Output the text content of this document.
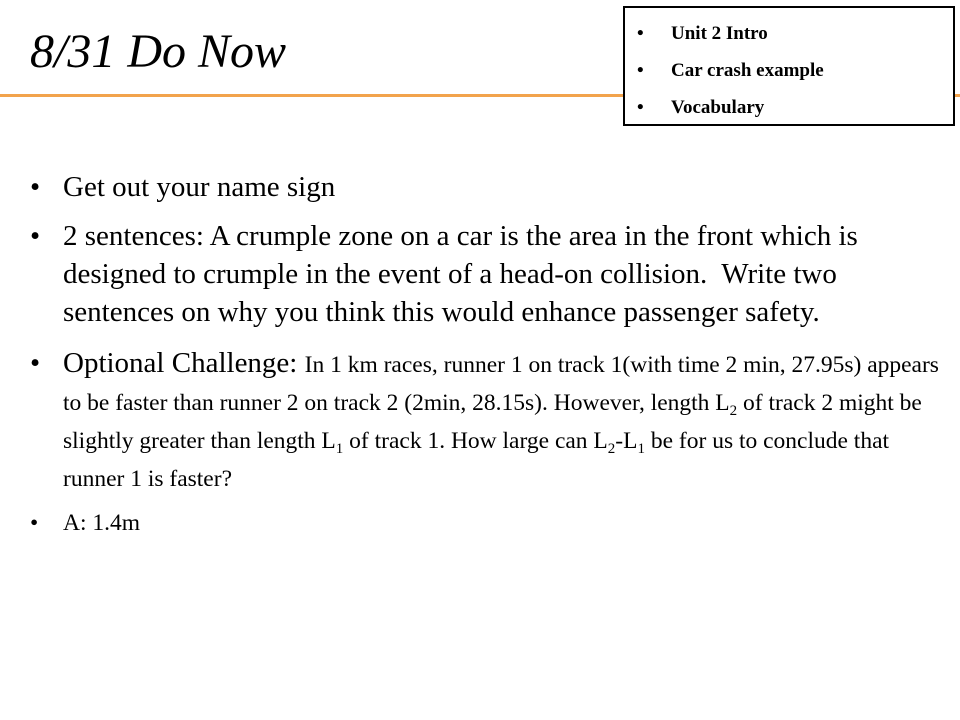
8/31 Do Now	• Unit 2 Intro
• Car crash example
• Vocabulary
• Get out your name sign
• 2 sentences: A crumple zone on a car is the area in the front which is designed to crumple in the event of a head-on collision.  Write two sentences on why you think this would enhance passenger safety.
• Optional Challenge: In 1 km races, runner 1 on track 1(with time 2 min, 27.95s) appears to be faster than runner 2 on track 2 (2min, 28.15s). However, length $L_2$ of track 2 might be slightly greater than length $L_1$ of track 1. How large can $L_2-L_1$ be for us to conclude that runner 1 is faster?
• A: 1.4m
